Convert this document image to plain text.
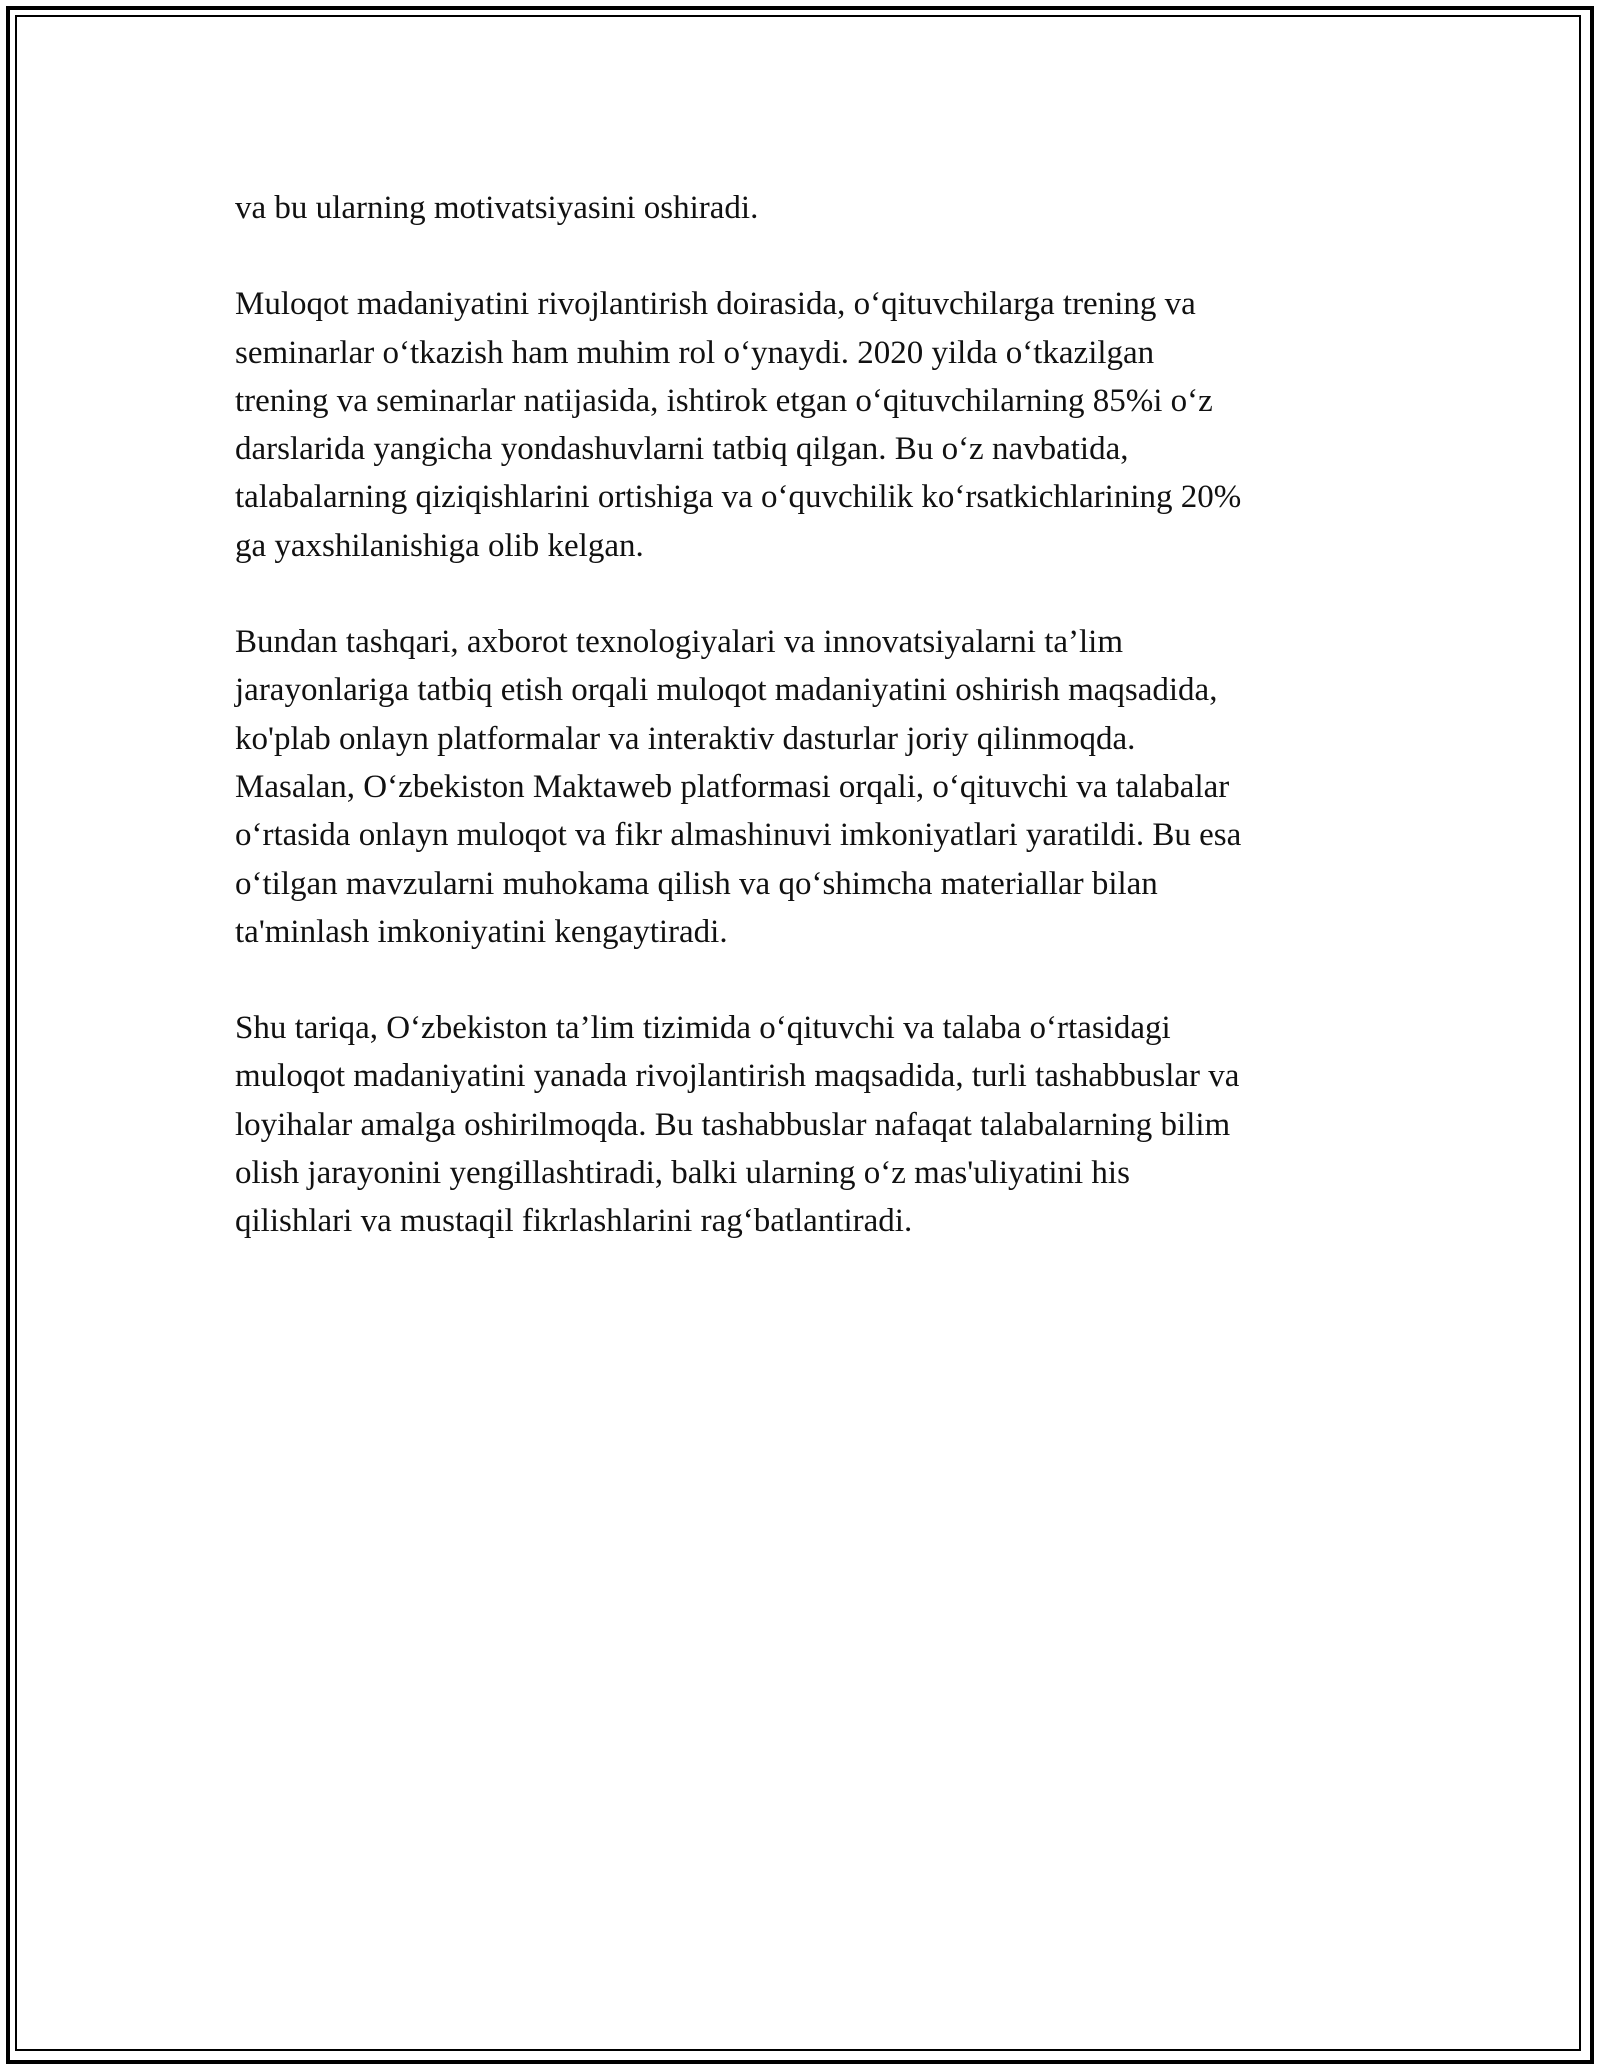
va bu ularning motivatsiyasini oshiradi.

Muloqot madaniyatini rivojlantirish doirasida, o‘qituvchilarga trening va
seminarlar o‘tkazish ham muhim rol o‘ynaydi. 2020 yilda o‘tkazilgan
trening va seminarlar natijasida, ishtirok etgan o‘qituvchilarning 85%i o‘z
darslarida yangicha yondashuvlarni tatbiq qilgan. Bu o‘z navbatida,
talabalarning qiziqishlarini ortishiga va o‘quvchilik ko‘rsatkichlarining 20%
ga yaxshilanishiga olib kelgan.

Bundan tashqari, axborot texnologiyalari va innovatsiyalarni ta’lim
jarayonlariga tatbiq etish orqali muloqot madaniyatini oshirish maqsadida,
ko'plab onlayn platformalar va interaktiv dasturlar joriy qilinmoqda.
Masalan, O‘zbekiston Maktaweb platformasi orqali, o‘qituvchi va talabalar
o‘rtasida onlayn muloqot va fikr almashinuvi imkoniyatlari yaratildi. Bu esa
o‘tilgan mavzularni muhokama qilish va qo‘shimcha materiallar bilan
ta'minlash imkoniyatini kengaytiradi.

Shu tariqa, O‘zbekiston ta’lim tizimida o‘qituvchi va talaba o‘rtasidagi
muloqot madaniyatini yanada rivojlantirish maqsadida, turli tashabbuslar va
loyihalar amalga oshirilmoqda. Bu tashabbuslar nafaqat talabalarning bilim
olish jarayonini yengillashtiradi, balki ularning o‘z mas'uliyatini his
qilishlari va mustaqil fikrlashlarini rag‘batlantiradi.
